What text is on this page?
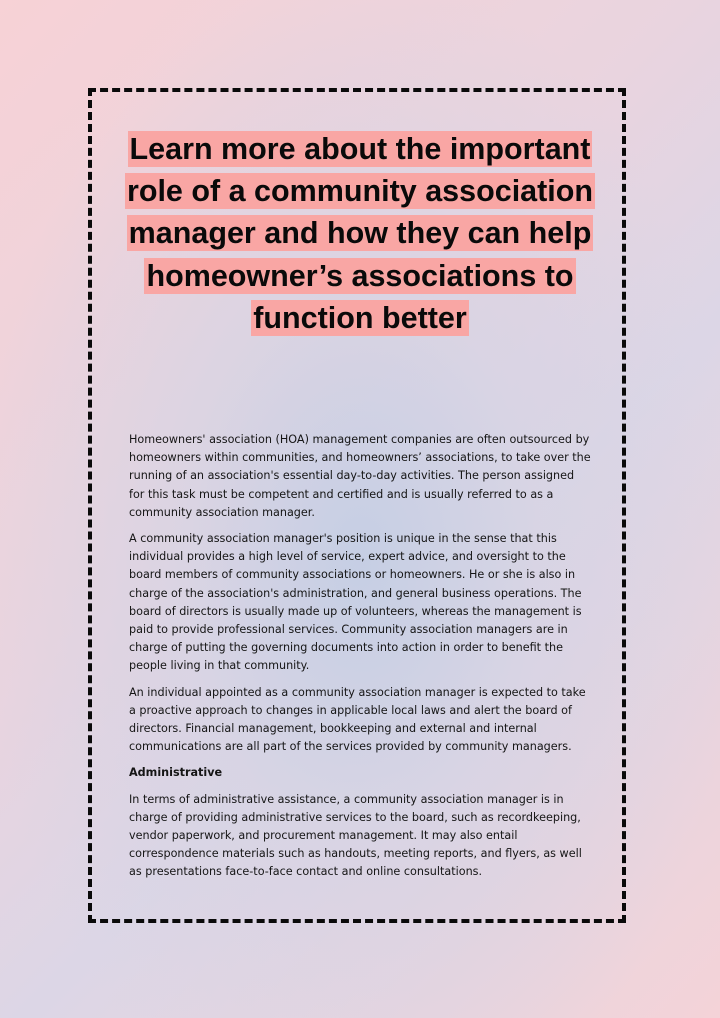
Learn more about the important role of a community association manager and how they can help homeowner’s associations to function better

Homeowners' association (HOA) management companies are often outsourced by homeowners within communities, and homeowners’ associations, to take over the running of an association's essential day-to-day activities. The person assigned for this task must be competent and certified and is usually referred to as a community association manager.

A community association manager's position is unique in the sense that this individual provides a high level of service, expert advice, and oversight to the board members of community associations or homeowners. He or she is also in charge of the association's administration, and general business operations. The board of directors is usually made up of volunteers, whereas the management is paid to provide professional services. Community association managers are in charge of putting the governing documents into action in order to benefit the people living in that community.

An individual appointed as a community association manager is expected to take a proactive approach to changes in applicable local laws and alert the board of directors. Financial management, bookkeeping and external and internal communications are all part of the services provided by community managers.

Administrative

In terms of administrative assistance, a community association manager is in charge of providing administrative services to the board, such as recordkeeping, vendor paperwork, and procurement management. It may also entail correspondence materials such as handouts, meeting reports, and flyers, as well as presentations face-to-face contact and online consultations.
